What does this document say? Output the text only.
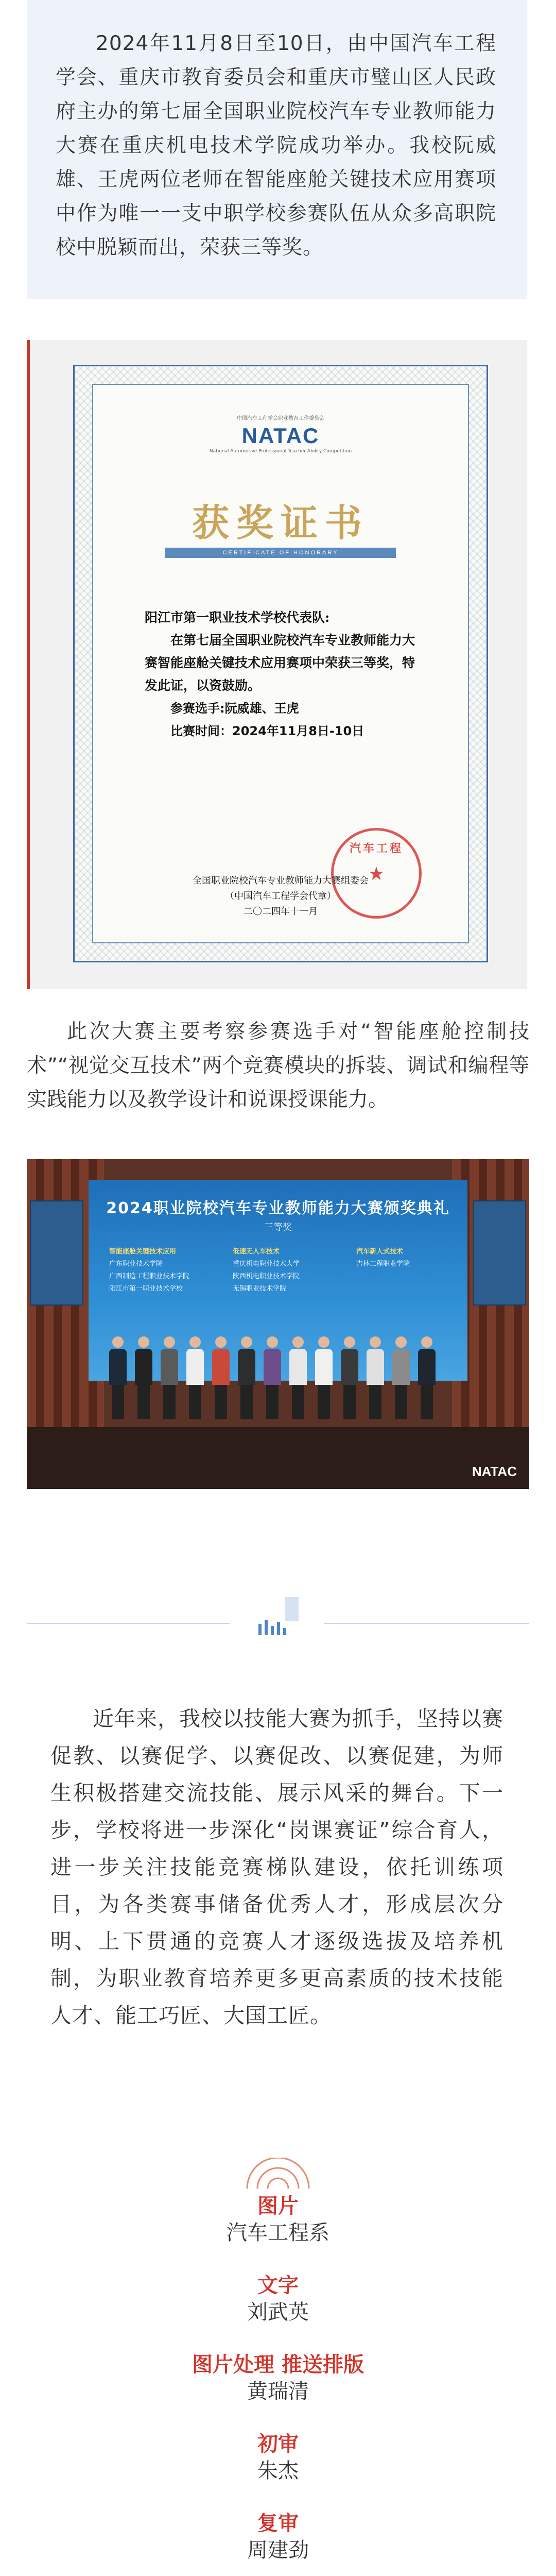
2024年11月8日至10日，由中国汽车工程学会、重庆市教育委员会和重庆市璧山区人民政府主办的第七届全国职业院校汽车专业教师能力大赛在重庆机电技术学院成功举办。我校阮威雄、王虎两位老师在智能座舱关键技术应用赛项中作为唯一一支中职学校参赛队伍从众多高职院校中脱颖而出，荣获三等奖。

中国汽车工程学会职业教育工作委员会
NATAC
National Automotive Professional Teacher Ability Competition
获奖证书
CERTIFICATE OF HONORARY

阳江市第一职业技术学校代表队:

在第七届全国职业院校汽车专业教师能力大赛智能座舱关键技术应用赛项中荣获三等奖，特发此证，以资鼓励。

参赛选手:阮威雄、王虎

比赛时间：2024年11月8日-10日

汽车工程
★
全国职业院校汽车专业教师能力大赛组委会
（中国汽车工程学会代章）
二〇二四年十一月

此次大赛主要考察参赛选手对“智能座舱控制技术”“视觉交互技术”两个竞赛模块的拆装、调试和编程等实践能力以及教学设计和说课授课能力。

2024职业院校汽车专业教师能力大赛颁奖典礼
三等奖
智能座舱关键技术应用
广东职业技术学院
广西制造工程职业技术学院
阳江市第一职业技术学校
低速无人车技术
重庆机电职业技术大学
陕西机电职业技术学院
无锡职业技术学院
汽车新人式技术
吉林工程职业学院
NATAC

近年来，我校以技能大赛为抓手，坚持以赛促教、以赛促学、以赛促改、以赛促建，为师生积极搭建交流技能、展示风采的舞台。下一步，学校将进一步深化“岗课赛证”综合育人，进一步关注技能竞赛梯队建设，依托训练项目，为各类赛事储备优秀人才，形成层次分明、上下贯通的竞赛人才逐级选拔及培养机制，为职业教育培养更多更高素质的技术技能人才、能工巧匠、大国工匠。

图片

汽车工程系

文字

刘武英

图片处理 推送排版

黄瑞清

初审

朱杰

复审

周建劲
